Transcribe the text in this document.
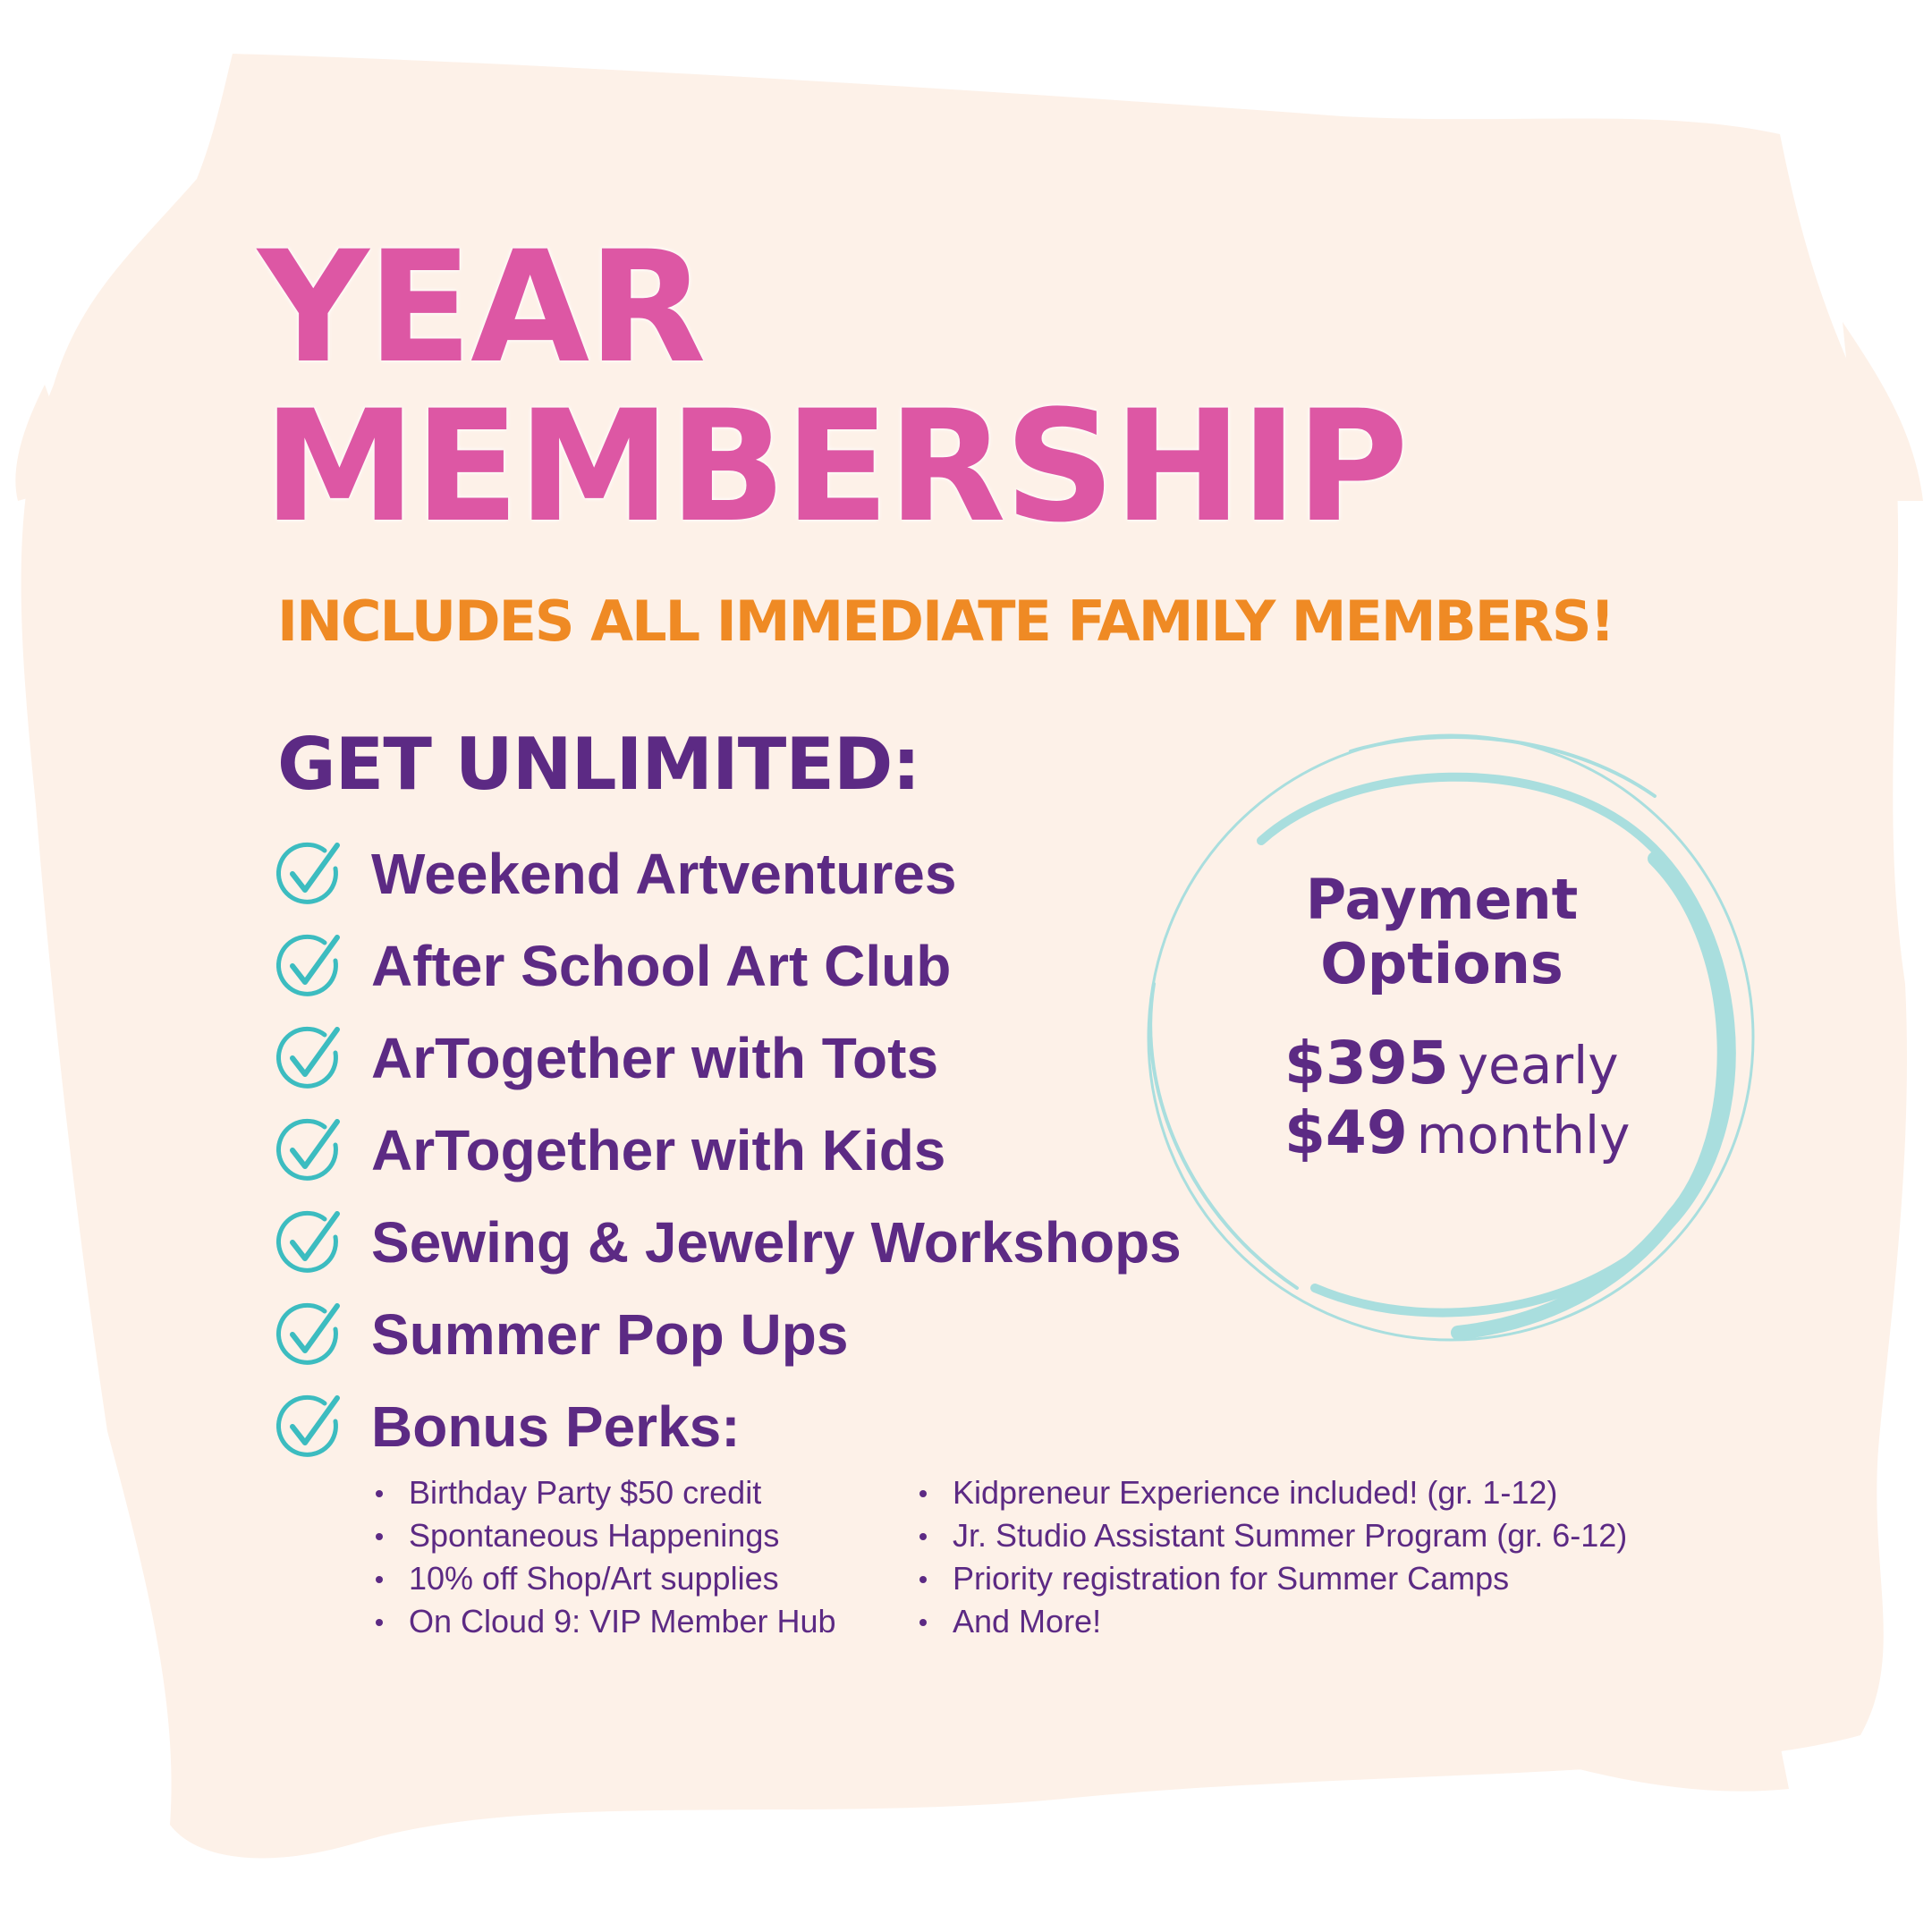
YEAR
MEMBERSHIP
INCLUDES ALL IMMEDIATE FAMILY MEMBERS!
GET UNLIMITED:
Weekend Artventures
After School Art Club
ArTogether with Tots
ArTogether with Kids
Sewing & Jewelry Workshops
Summer Pop Ups
Bonus Perks:
Birthday Party $50 credit
Spontaneous Happenings
10% off Shop/Art supplies
On Cloud 9: VIP Member Hub
Kidpreneur Experience included! (gr. 1-12)
Jr. Studio Assistant Summer Program (gr. 6-12)
Priority registration for Summer Camps
And More!
Payment
Options
$395 yearly
$49 monthly
